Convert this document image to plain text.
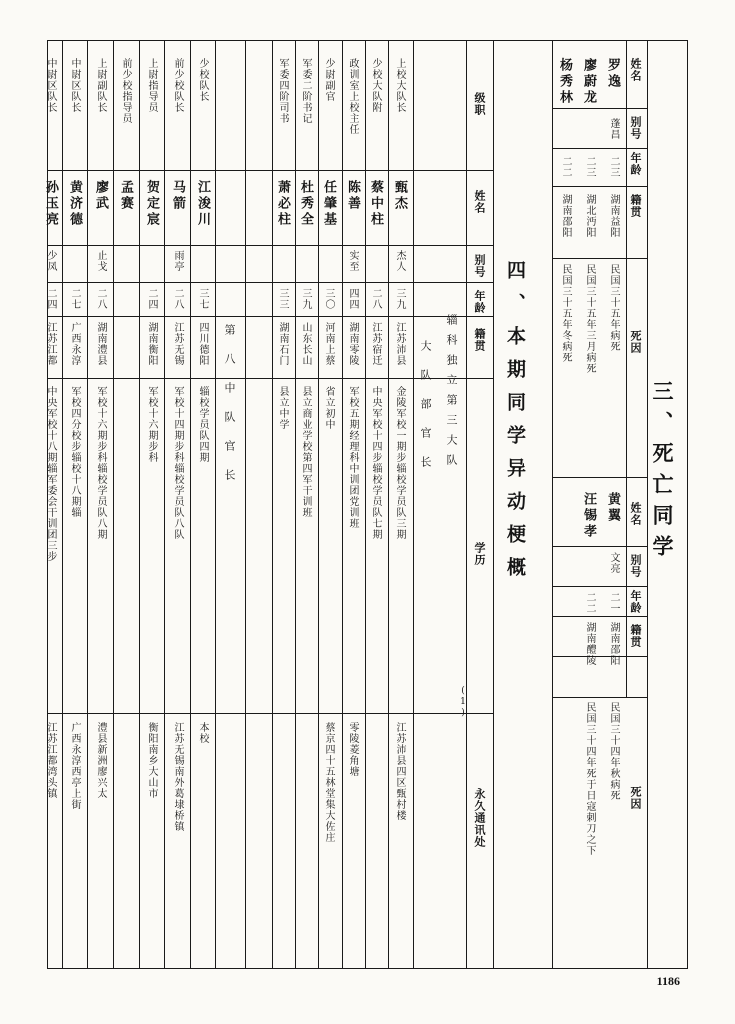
三、死亡同学
姓名
别号
年龄
籍贯
死因
罗逸
蓬昌
二三
湖南益阳
民国三十五年病死
廖蔚龙
二三
湖北沔阳
民国三十五年三月病死
杨秀林
二二
湖南邵阳
民国三十五年冬病死
姓名
别号
年龄
籍贯
死因
黄翼
文亮
二一
湖南邵阳
民国三十四年秋病死
汪锡孝
二二
湖南醴陵
民国三十四年死于日寇刺刀之下
四、本期同学异动梗概
级职
姓名
别号
年龄
籍贯
学历
永久通讯处
辎科独立第三大队
(1)
大队部官长
第八中队官长
上校大队长
甄杰
杰人
三九
江苏沛县
金陵军校一期步辎校学员队三期
江苏沛县四区甄村楼
少校大队附
蔡中柱
二八
江苏宿迁
中央军校十四步辎校学员队七期
政训室上校主任
陈善
实至
四四
湖南零陵
军校五期经理科中训团党训班
零陵菱角塘
少尉副官
任肇基
三〇
河南上蔡
省立初中
蔡京四十五林堂集大佐庄
军委二阶书记
杜秀全
三九
山东长山
县立商业学校第四军干训班
军委四阶司书
萧必柱
三三
湖南石门
县立中学
少校队长
江浚川
三七
四川德阳
辎校学员队四期
本校
前少校队长
马箭
雨亭
二八
江苏无锡
军校十四期步科辎校学员队八队
江苏无锡南外葛埭桥镇
上尉指导员
贺定宸
二四
湖南衡阳
军校十六期步科
衡阳南乡大山市
前少校指导员
孟赛
上尉副队长
廖武
止戈
二八
湖南澧县
军校十六期步科辎校学员队八期
澧县新洲廖兴太
中尉区队长
黄济德
二七
广西永淳
军校四分校步辎校十八期辎
广西永淳西亭上街
中尉区队长
孙玉亮
少凤
二四
江苏江都
中央军校十八期辎军委会干训团三步
江苏江都湾头镇
1186
